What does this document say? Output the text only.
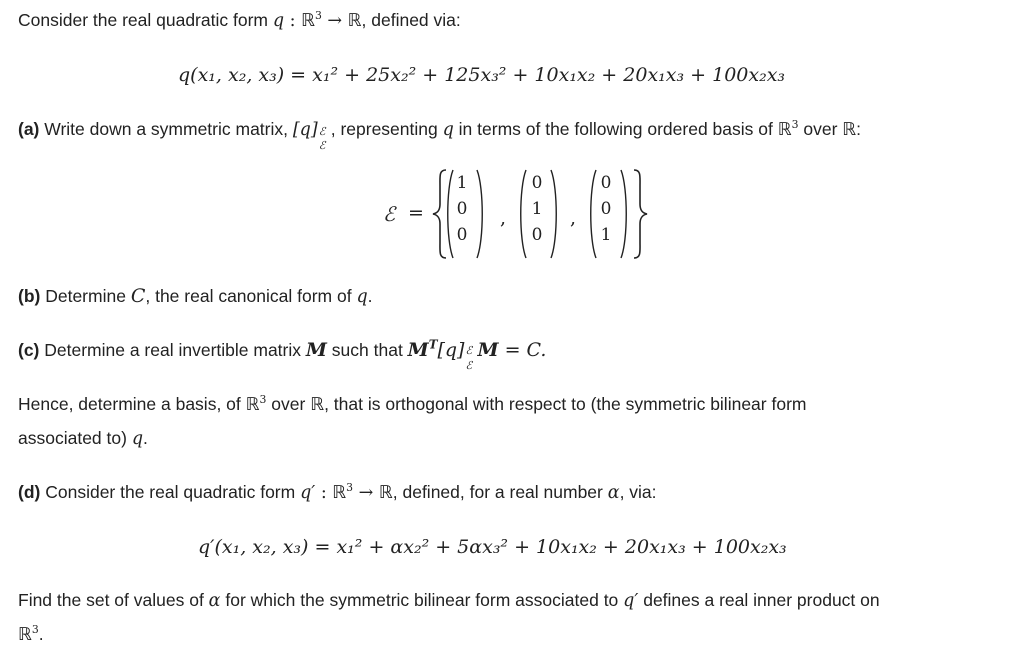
Consider the real quadratic form q : ℝ$^3$ → ℝ, defined via:
q(x₁, x₂, x₃) = x₁² + 25x₂² + 125x₃² + 10x₁x₂ + 20x₁x₃ + 100x₂x₃
(a) Write down a symmetric matrix, [q] ℰ
ℰ
, representing q in terms of the following ordered basis of ℝ$^3$ over ℝ:
ℰ =
1
0
0
,
0
1
0
,
0
0
1
(b) Determine C, the real canonical form of q.
(c) Determine a real invertible matrix M such that $M^T[q]$ ℰ
ℰ
M = C.
Hence, determine a basis, of ℝ$^3$ over ℝ, that is orthogonal with respect to (the symmetric bilinear form
associated to) q.
(d) Consider the real quadratic form q′ : ℝ$^3$ → ℝ, defined, for a real number α, via:
q′(x₁, x₂, x₃) = x₁² + αx₂² + 5αx₃² + 10x₁x₂ + 20x₁x₃ + 100x₂x₃
Find the set of values of α for which the symmetric bilinear form associated to q′ defines a real inner product on
ℝ$^3$.
